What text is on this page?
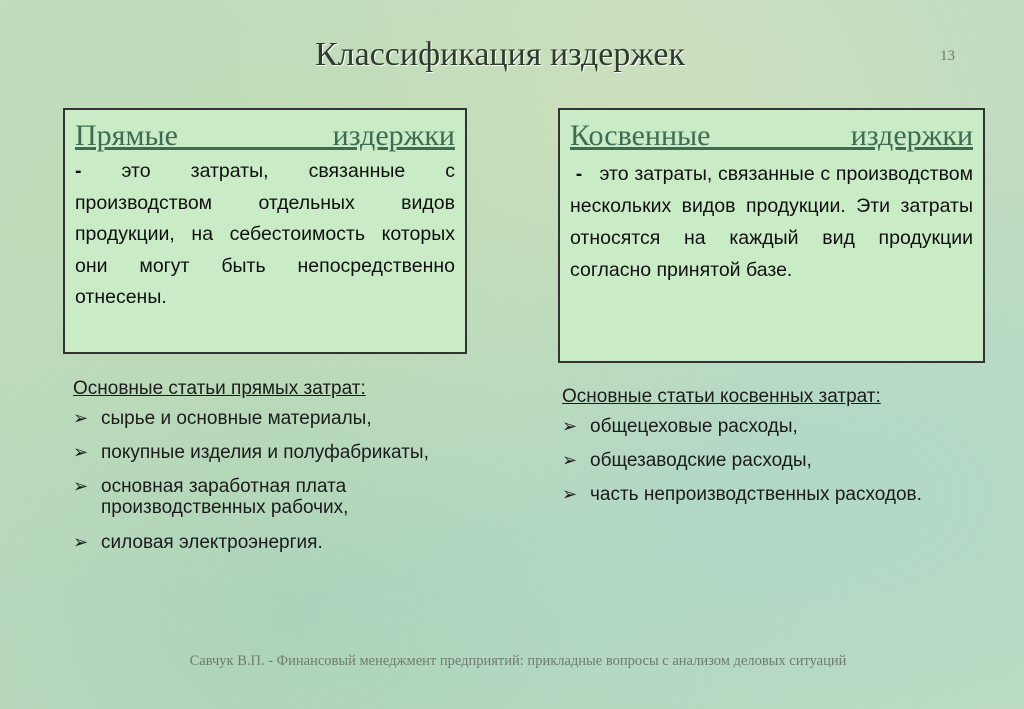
Классификация издержек	13
Прямые издержки
- это затраты, связанные с производством отдельных видов продукции, на себестоимость которых они могут быть непосредственно отнесены.
Косвенные издержки
- это затраты, связанные с производством нескольких видов продукции. Эти затраты относятся на каждый вид продукции согласно принятой базе.
Основные статьи прямых затрат:
➢ сырье и основные материалы,
➢ покупные изделия и полуфабрикаты,
➢ основная заработная плата производственных рабочих,
➢ силовая электроэнергия.
Основные статьи косвенных затрат:
➢ общецеховые расходы,
➢ общезаводские расходы,
➢ часть непроизводственных расходов.
Савчук В.П. - Финансовый менеджмент предприятий: прикладные вопросы с анализом деловых ситуаций
